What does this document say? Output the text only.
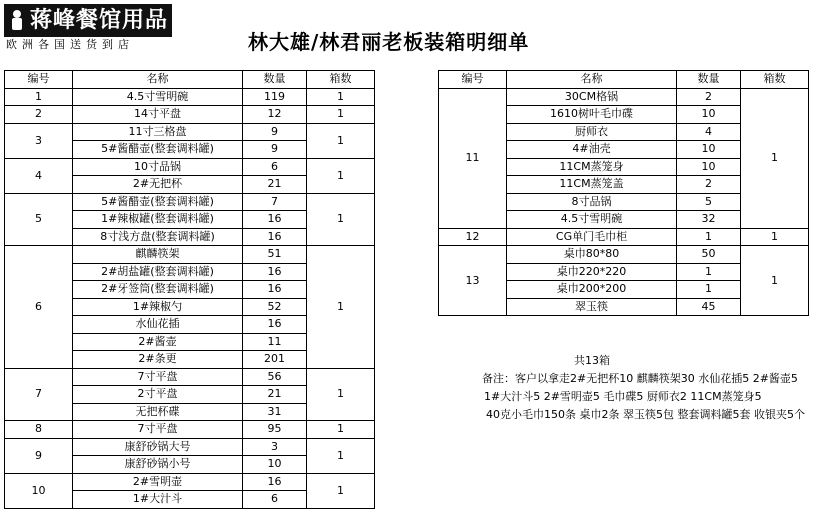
蒋峰餐馆用品
欧洲各国送货到店	林大雄/林君丽老板装箱明细单
编号	名称	数量	箱数
1	4.5寸雪明碗	119	1
2	14寸平盘	12	1
3	11寸三格盘	9	1
	5#酱醋壶(整套调料罐)	9	
4	10寸品锅	6	1
	2#无把杯	21	
5	5#酱醋壶(整套调料罐)	7	1
	1#辣椒罐(整套调料罐)	16	
	8寸浅方盘(整套调料罐)	16	
6	麒麟筷架	51	1
	2#胡盐罐(整套调料罐)	16	
	2#牙签筒(整套调料罐)	16	
	1#辣椒勺	52	
	水仙花插	16	
	2#酱壶	11	
	2#条更	201	
7	7寸平盘	56	1
	2寸平盘	21	
	无把杯碟	31	
8	7寸平盘	95	1
9	康舒砂锅大号	3	1
	康舒砂锅小号	10	
10	2#雪明壶	16	1
	1#大汁斗	6	
编号	名称	数量	箱数
11	30CM格锅	2	1
	1610树叶毛巾碟	10	
	厨师衣	4	
	4#油壳	10	
	11CM蒸笼身	10	
	11CM蒸笼盖	2	
	8寸品锅	5	
	4.5寸雪明碗	32	
12	CG单门毛巾柜	1	1
13	桌巾80*80	50	1
	桌巾220*220	1	
	桌巾200*200	1	
	翠玉筷	45	
共13箱
备注：客户以拿走2#无把杯10 麒麟筷架30 水仙花插5 2#酱壶5
1#大汁斗5 2#雪明壶5 毛巾碟5 厨师衣2 11CM蒸笼身5
40克小毛巾150条 桌巾2条 翠玉筷5包 整套调料罐5套 收银夹5个
